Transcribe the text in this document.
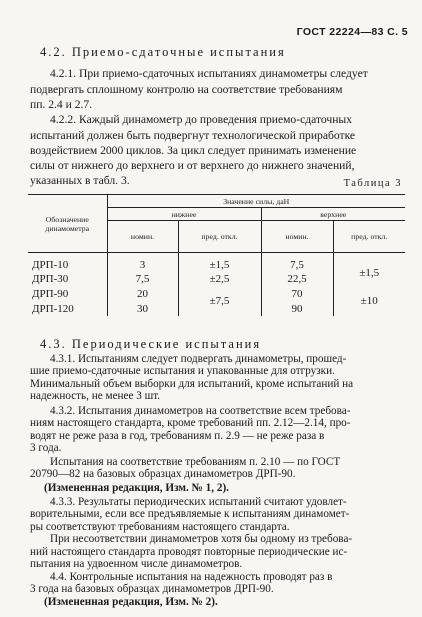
ГОСТ 22224—83 С. 5
4.2. Приемо-сдаточные испытания
4.2.1. При приемо-сдаточных испытаниях динамометры следует
подвергать сплошному контролю на соответствие требованиям
пп. 2.4 и 2.7.
4.2.2. Каждый динамометр до проведения приемо-сдаточных
испытаний должен быть подвергнут технологической приработке
воздействием 2000 циклов. За цикл следует принимать изменение
силы от нижнего до верхнего и от верхнего до нижнего значений,
указанных в табл. 3.	Таблица 3
Обозначение динамометра	Значение силы, даН			
	нижнее		верхнее	
	номин.	пред. откл.	номин.	пред. откл.
ДРП-10	3	±1,5	7,5	±1,5
ДРП-30	7,5	±2,5	22,5	
ДРП-90	20	±7,5	70	±10
ДРП-120	30		90	
4.3. Периодические испытания
4.3.1. Испытаниям следует подвергать динамометры, прошед-
шие приемо-сдаточные испытания и упакованные для отгрузки.
Минимальный объем выборки для испытаний, кроме испытаний на
надежность, не менее 3 шт.
4.3.2. Испытания динамометров на соответствие всем требова-
ниям настоящего стандарта, кроме требований пп. 2.12—2.14, про-
водят не реже раза в год, требованиям п. 2.9 — не реже раза в
3 года.
Испытания на соответствие требованиям п. 2.10 — по ГОСТ
20790—82 на базовых образцах динамометров ДРП-90.
(Измененная редакция, Изм. № 1, 2).
4.3.3. Результаты периодических испытаний считают удовлет-
ворительными, если все предъявляемые к испытаниям динамомет-
ры соответствуют требованиям настоящего стандарта.
При несоответствии динамометров хотя бы одному из требова-
ний настоящего стандарта проводят повторные периодические ис-
пытания на удвоенном числе динамометров.
4.4. Контрольные испытания на надежность проводят раз в
3 года на базовых образцах динамометров ДРП-90.
(Измененная редакция, Изм. № 2).
